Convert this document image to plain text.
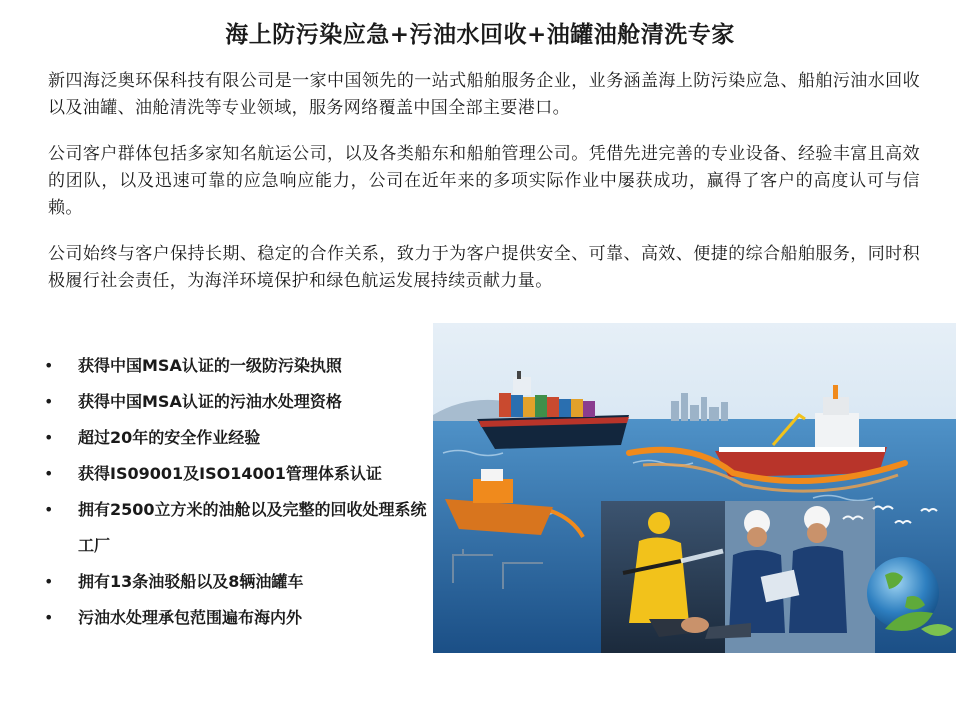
海上防污染应急+污油水回收+油罐油舱清洗专家

新四海泛奥环保科技有限公司是一家中国领先的一站式船舶服务企业，业务涵盖海上防污染应急、船舶污油水回收以及油罐、油舱清洗等专业领域，服务网络覆盖中国全部主要港口。

公司客户群体包括多家知名航运公司，以及各类船东和船舶管理公司。凭借先进完善的专业设备、经验丰富且高效的团队，以及迅速可靠的应急响应能力，公司在近年来的多项实际作业中屡获成功，赢得了客户的高度认可与信赖。

公司始终与客户保持长期、稳定的合作关系，致力于为客户提供安全、可靠、高效、便捷的综合船舶服务，同时积极履行社会责任，为海洋环境保护和绿色航运发展持续贡献力量。

• 获得中国MSA认证的一级防污染执照
• 获得中国MSA认证的污油水处理资格
• 超过20年的安全作业经验
• 获得IS09001及ISO14001管理体系认证
• 拥有2500立方米的油舱以及完整的回收处理系统工厂
• 拥有13条油驳船以及8辆油罐车
• 污油水处理承包范围遍布海内外
